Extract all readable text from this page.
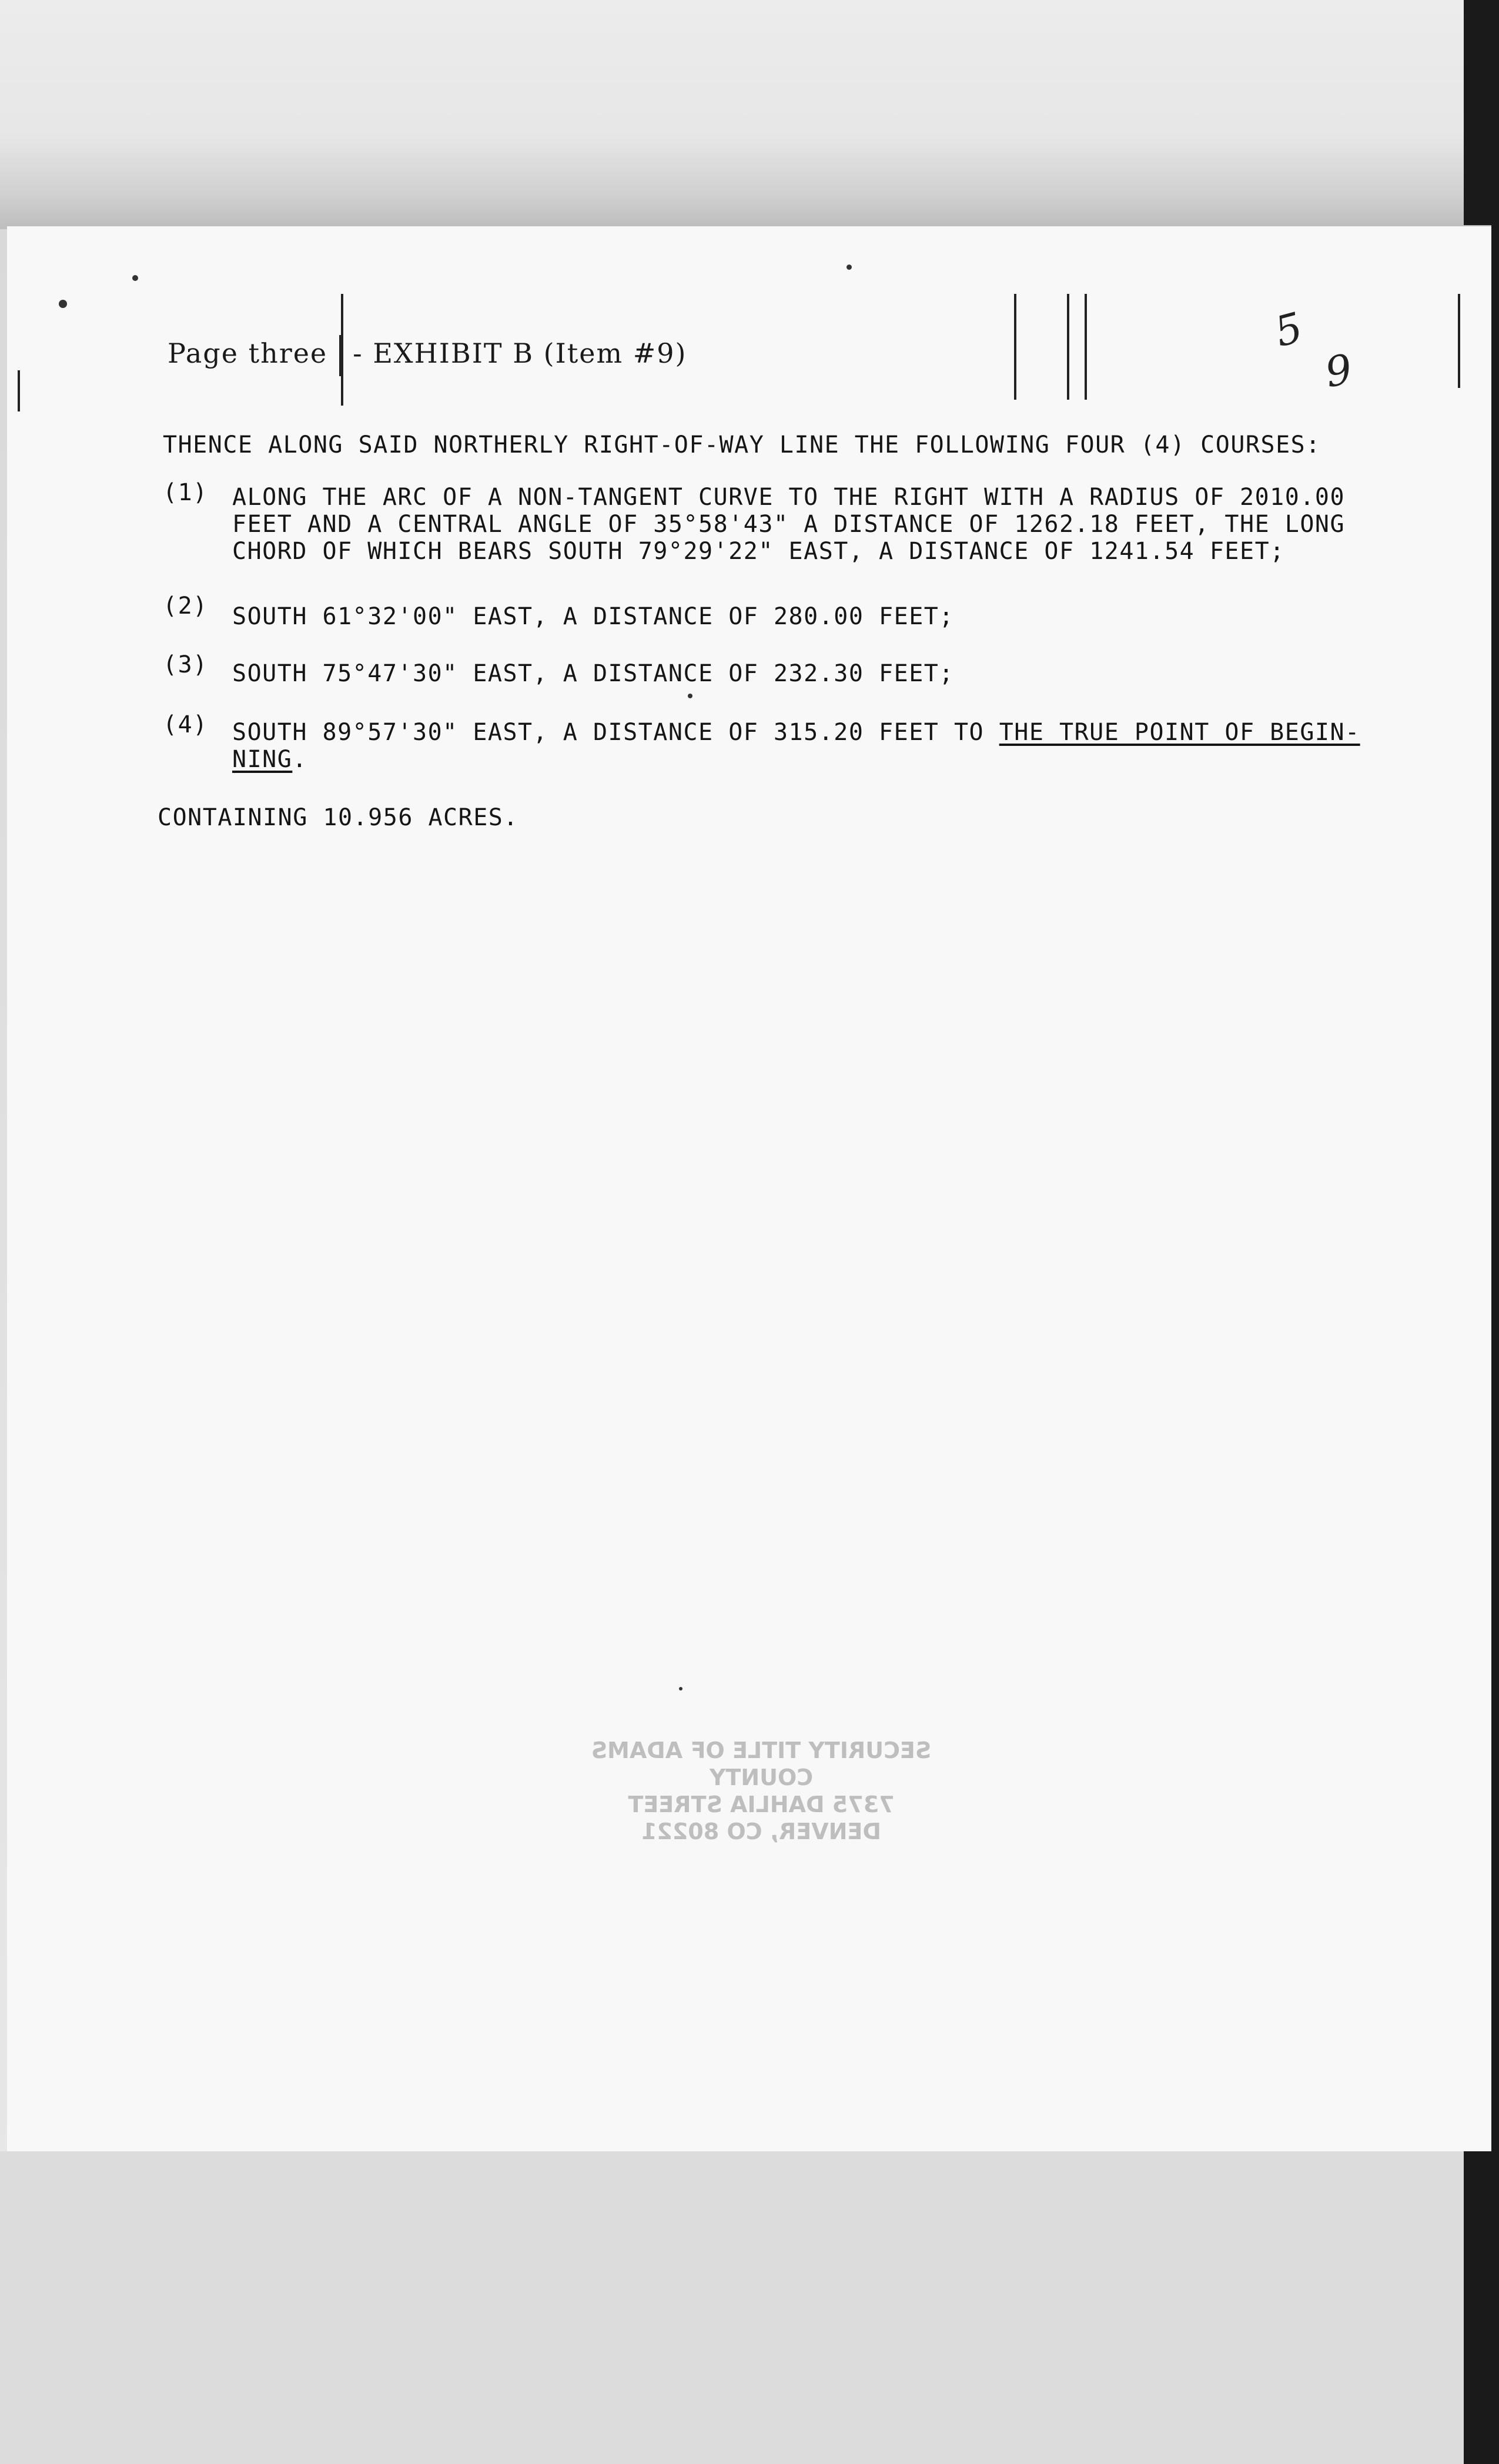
Page three - EXHIBIT B (Item #9)	5
9
THENCE ALONG SAID NORTHERLY RIGHT-OF-WAY LINE THE FOLLOWING FOUR (4) COURSES:
(1) ALONG THE ARC OF A NON-TANGENT CURVE TO THE RIGHT WITH A RADIUS OF 2010.00
FEET AND A CENTRAL ANGLE OF 35°58'43" A DISTANCE OF 1262.18 FEET, THE LONG
CHORD OF WHICH BEARS SOUTH 79°29'22" EAST, A DISTANCE OF 1241.54 FEET;
(2) SOUTH 61°32'00" EAST, A DISTANCE OF 280.00 FEET;
(3) SOUTH 75°47'30" EAST, A DISTANCE OF 232.30 FEET;
(4) SOUTH 89°57'30" EAST, A DISTANCE OF 315.20 FEET TO THE TRUE POINT OF BEGIN-
NING.
CONTAINING 10.956 ACRES.
SECURITY TITLE OF ADAMS COUNTY
7375 DAHLIA STREET
DENVER, CO 80221
